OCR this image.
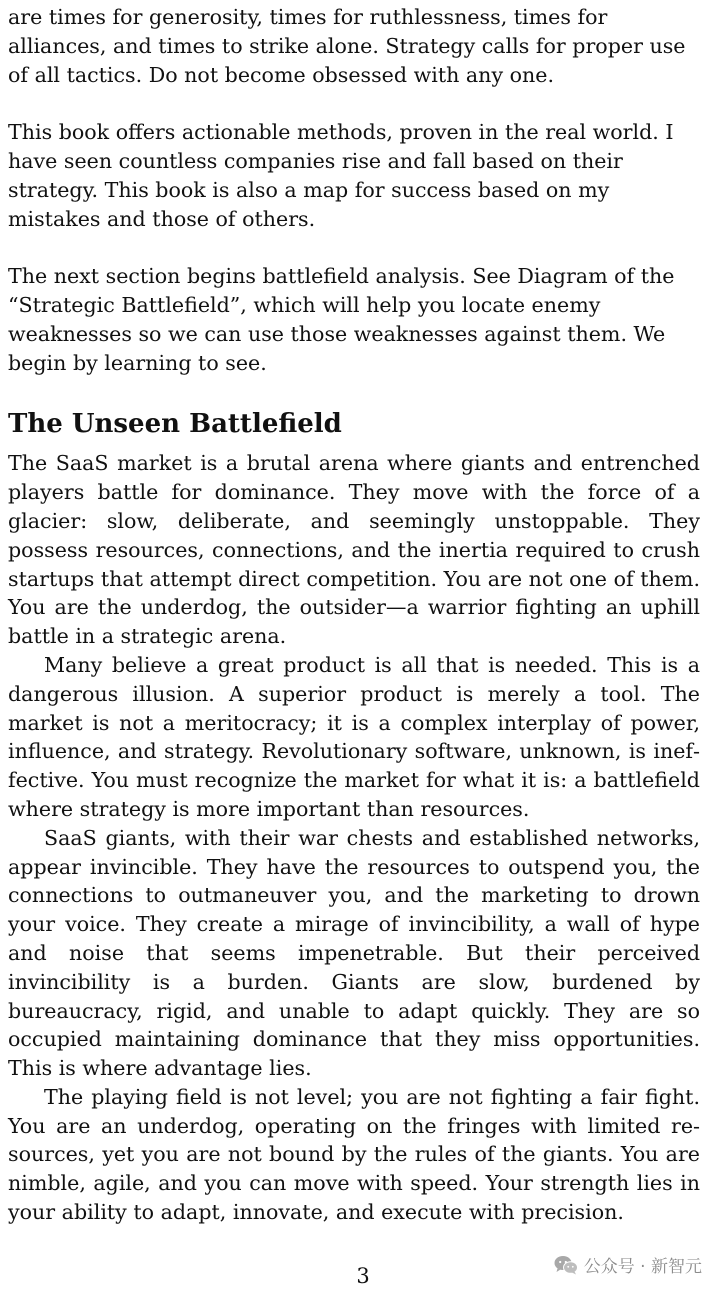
are times for generosity, times for ruthlessness, times for alliances, and times to strike alone. Strategy calls for proper use of all tactics. Do not become obsessed with any one.

This book offers actionable methods, proven in the real world. I have seen countless companies rise and fall based on their strategy. This book is also a map for success based on my mistakes and those of others.

The next section begins battlefield analysis. See Diagram of the “Strategic Battlefield”, which will help you locate enemy weaknesses so we can use those weaknesses against them. We begin by learning to see.

The Unseen Battlefield

The SaaS market is a brutal arena where giants and entrenched players battle for dominance. They move with the force of a glacier: slow, deliberate, and seemingly unstoppable. They possess resources, connections, and the inertia required to crush startups that attempt direct competition. You are not one of them. You are the underdog, the outsider—a warrior fighting an uphill battle in a strategic arena.

Many believe a great product is all that is needed. This is a dangerous illusion. A superior product is merely a tool. The market is not a meritocracy; it is a complex interplay of power, influence, and strategy. Revolutionary software, unknown, is ineffective. You must recognize the market for what it is: a battlefield where strategy is more important than resources.

SaaS giants, with their war chests and established networks, appear invincible. They have the resources to outspend you, the connections to outmaneuver you, and the marketing to drown your voice. They create a mirage of invincibility, a wall of hype and noise that seems impenetrable. But their perceived invincibility is a burden. Giants are slow, burdened by bureaucracy, rigid, and unable to adapt quickly. They are so occupied maintaining dominance that they miss opportunities. This is where advantage lies.

The playing field is not level; you are not fighting a fair fight. You are an underdog, operating on the fringes with limited resources, yet you are not bound by the rules of the giants. You are nimble, agile, and you can move with speed. Your strength lies in your ability to adapt, innovate, and execute with precision.

3	公众号 · 新智元
